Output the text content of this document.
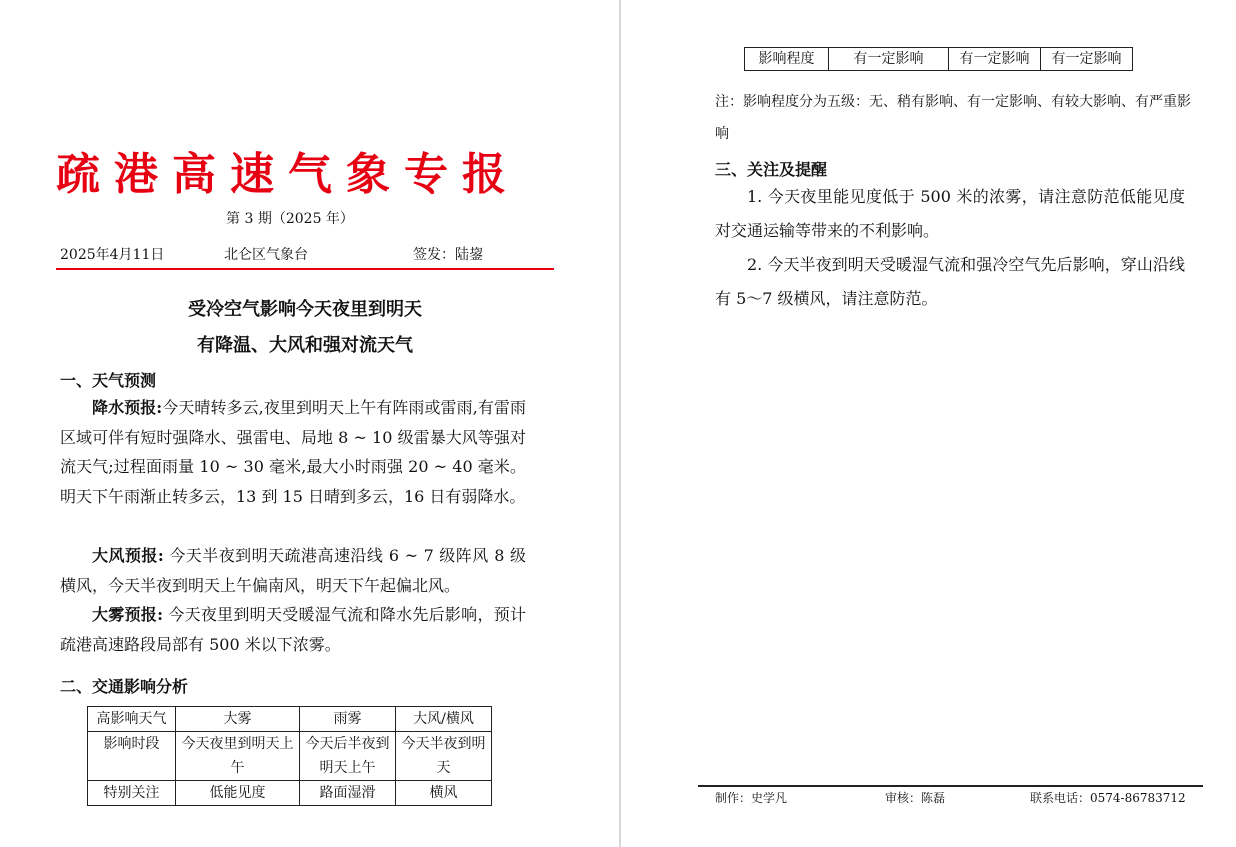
疏港高速气象专报
第 3 期（2025 年）
2025年4月11日	北仑区气象台	签发：陆鋆
受冷空气影响今天夜里到明天
有降温、大风和强对流天气
一、天气预测
降水预报:今天晴转多云,夜里到明天上午有阵雨或雷雨,有雷雨区域可伴有短时强降水、强雷电、局地 8 ~ 10 级雷暴大风等强对流天气;过程面雨量 10 ~ 30 毫米,最大小时雨强 20 ~ 40 毫米。明天下午雨渐止转多云，13 到 15 日晴到多云，16 日有弱降水。
大风预报: 今天半夜到明天疏港高速沿线 6 ~ 7 级阵风 8 级横风，今天半夜到明天上午偏南风，明天下午起偏北风。
大雾预报: 今天夜里到明天受暖湿气流和降水先后影响，预计疏港高速路段局部有 500 米以下浓雾。
二、交通影响分析
高影响天气	大雾	雨雾	大风/横风
影响时段	今天夜里到明天上午	今天后半夜到明天上午	今天半夜到明天
特别关注	低能见度	路面湿滑	横风
影响程度	有一定影响	有一定影响	有一定影响
注：影响程度分为五级：无、稍有影响、有一定影响、有较大影响、有严重影响
三、关注及提醒
1. 今天夜里能见度低于 500 米的浓雾，请注意防范低能见度对交通运输等带来的不利影响。
2. 今天半夜到明天受暖湿气流和强冷空气先后影响，穿山沿线有 5～7 级横风，请注意防范。
制作：史学凡	审核：陈磊	联系电话：0574-86783712
